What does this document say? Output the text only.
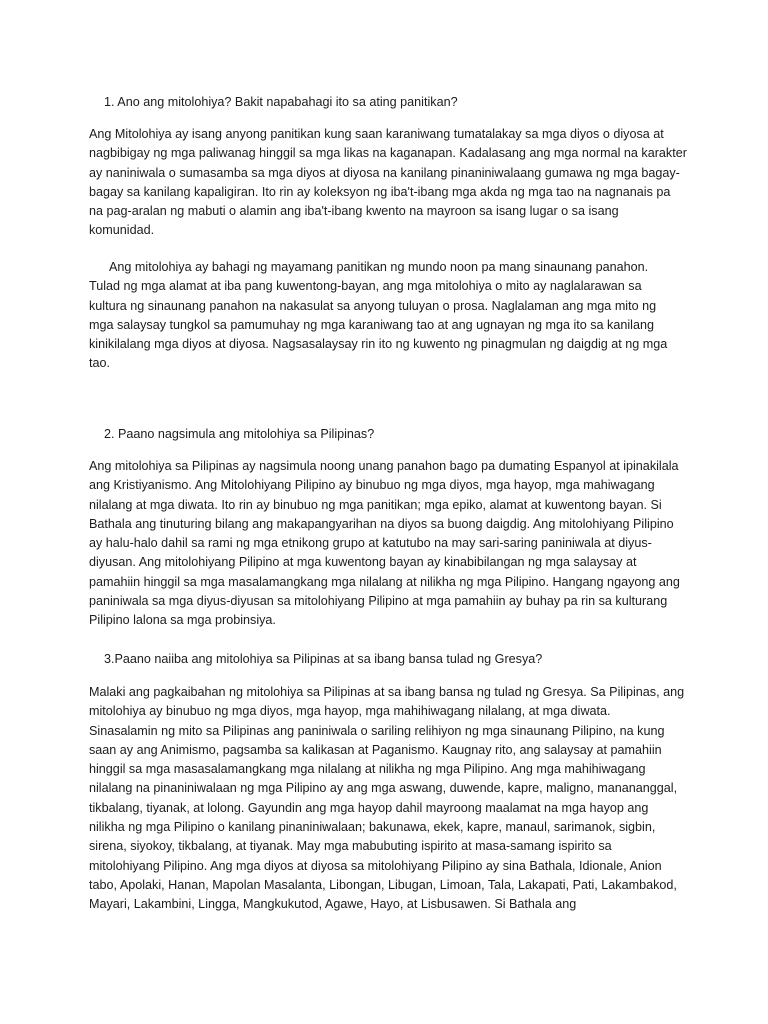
1. Ano ang mitolohiya? Bakit napabahagi ito sa ating panitikan?

Ang Mitolohiya ay isang anyong panitikan kung saan karaniwang tumatalakay sa mga diyos o diyosa at
nagbibigay ng mga paliwanag hinggil sa mga likas na kaganapan. Kadalasang ang mga normal na karakter
ay naniniwala o sumasamba sa mga diyos at diyosa na kanilang pinaniniwalaang gumawa ng mga bagay-
bagay sa kanilang kapaligiran. Ito rin ay koleksyon ng iba't-ibang mga akda ng mga tao na nagnanais pa
na pag-aralan ng mabuti o alamin ang iba't-ibang kwento na mayroon sa isang lugar o sa isang
komunidad.
Ang mitolohiya ay bahagi ng mayamang panitikan ng mundo noon pa mang sinaunang panahon.
Tulad ng mga alamat at iba pang kuwentong-bayan, ang mga mitolohiya o mito ay naglalarawan sa
kultura ng sinaunang panahon na nakasulat sa anyong tuluyan o prosa. Naglalaman ang mga mito ng
mga salaysay tungkol sa pamumuhay ng mga karaniwang tao at ang ugnayan ng mga ito sa kanilang
kinikilalang mga diyos at diyosa. Nagsasalaysay rin ito ng kuwento ng pinagmulan ng daigdig at ng mga
tao.

2. Paano nagsimula ang mitolohiya sa Pilipinas?

Ang mitolohiya sa Pilipinas ay nagsimula noong unang panahon bago pa dumating Espanyol at ipinakilala
ang Kristiyanismo. Ang Mitolohiyang Pilipino ay binubuo ng mga diyos, mga hayop, mga mahiwagang
nilalang at mga diwata. Ito rin ay binubuo ng mga panitikan; mga epiko, alamat at kuwentong bayan. Si
Bathala ang tinuturing bilang ang makapangyarihan na diyos sa buong daigdig. Ang mitolohiyang Pilipino
ay halu-halo dahil sa rami ng mga etnikong grupo at katutubo na may sari-saring paniniwala at diyus-
diyusan. Ang mitolohiyang Pilipino at mga kuwentong bayan ay kinabibilangan ng mga salaysay at
pamahiin hinggil sa mga masalamangkang mga nilalang at nilikha ng mga Pilipino. Hangang ngayong ang
paniniwala sa mga diyus-diyusan sa mitolohiyang Pilipino at mga pamahiin ay buhay pa rin sa kulturang
Pilipino lalona sa mga probinsiya.

3.Paano naiiba ang mitolohiya sa Pilipinas at sa ibang bansa tulad ng Gresya?

Malaki ang pagkaibahan ng mitolohiya sa Pilipinas at sa ibang bansa ng tulad ng Gresya. Sa Pilipinas, ang
mitolohiya ay binubuo ng mga diyos, mga hayop, mga mahihiwagang nilalang, at mga diwata.
Sinasalamin ng mito sa Pilipinas ang paniniwala o sariling relihiyon ng mga sinaunang Pilipino, na kung
saan ay ang Animismo, pagsamba sa kalikasan at Paganismo. Kaugnay rito, ang salaysay at pamahiin
hinggil sa mga masasalamangkang mga nilalang at nilikha ng mga Pilipino. Ang mga mahihiwagang
nilalang na pinaniniwalaan ng mga Pilipino ay ang mga aswang, duwende, kapre, maligno, manananggal,
tikbalang, tiyanak, at lolong. Gayundin ang mga hayop dahil mayroong maalamat na mga hayop ang
nilikha ng mga Pilipino o kanilang pinaniniwalaan; bakunawa, ekek, kapre, manaul, sarimanok, sigbin,
sirena, siyokoy, tikbalang, at tiyanak. May mga mabubuting ispirito at masa-samang ispirito sa
mitolohiyang Pilipino. Ang mga diyos at diyosa sa mitolohiyang Pilipino ay sina Bathala, Idionale, Anion
tabo, Apolaki, Hanan, Mapolan Masalanta, Libongan, Libugan, Limoan, Tala, Lakapati, Pati, Lakambakod,
Mayari, Lakambini, Lingga, Mangkukutod, Agawe, Hayo, at Lisbusawen. Si Bathala ang
